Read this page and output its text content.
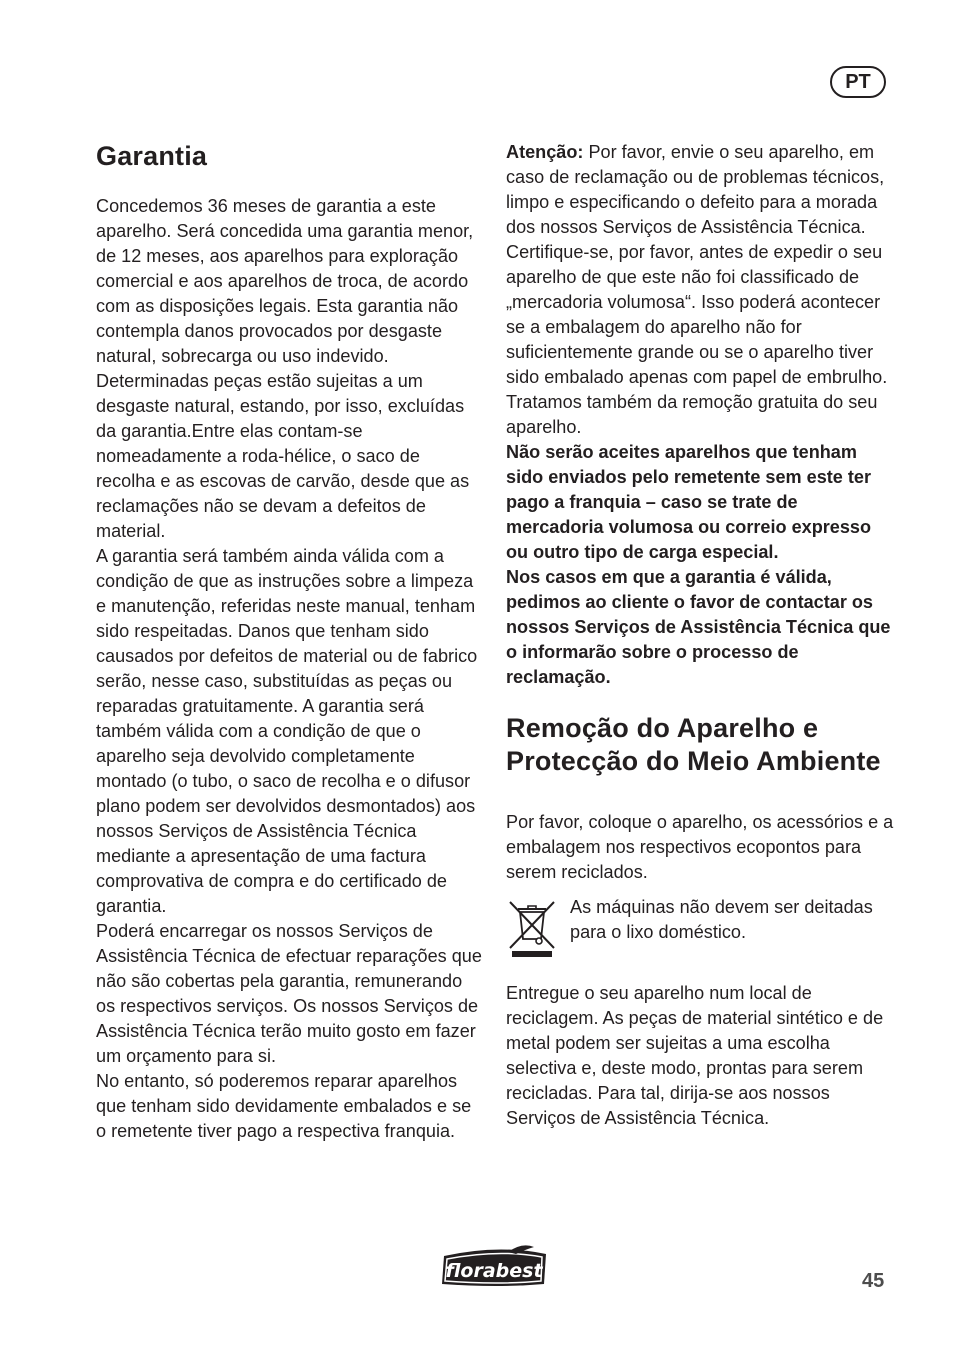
PT
Garantia

Concedemos 36 meses de garantia a este aparelho. Será concedida uma garantia menor, de 12 meses, aos aparelhos para exploração comercial e aos aparelhos de troca, de acordo com as disposições legais. Esta garantia não contempla danos provocados por desgaste natural, sobrecarga ou uso indevido. Determinadas peças estão sujeitas a um desgaste natural, estando, por isso, excluídas da garantia.Entre elas contam-se nomeadamente a roda-hélice, o saco de recolha e as escovas de carvão, desde que as reclamações não se devam a defeitos de material.

A garantia será também ainda válida com a condição de que as instruções sobre a limpeza e manutenção, referidas neste manual, tenham sido respeitadas. Danos que tenham sido causados por defeitos de material ou de fabrico serão, nesse caso, substituídas as peças ou reparadas gratuitamente. A garantia será também válida com a condição de que o aparelho seja devolvido completamente montado (o tubo, o saco de recolha e o difusor plano podem ser devolvidos desmontados) aos nossos Serviços de Assistência Técnica mediante a apresentação de uma factura comprovativa de compra e do certificado de garantia.

Poderá encarregar os nossos Serviços de Assistência Técnica de efectuar reparações que não são cobertas pela garantia, remunerando os respectivos serviços. Os nossos Serviços de Assistência Técnica terão muito gosto em fazer um orçamento para si.

No entanto, só poderemos reparar aparelhos que tenham sido devidamente embalados e se o remetente tiver pago a respectiva franquia.

Atenção: Por favor, envie o seu aparelho, em caso de reclamação ou de problemas técnicos, limpo e especificando o defeito para a morada dos nossos Serviços de Assistência Técnica.

Certifique-se, por favor, antes de expedir o seu aparelho de que este não foi classificado de „mercadoria volumosa“. Isso poderá acontecer se a embalagem do aparelho não for suficientemente grande ou se o aparelho tiver sido embalado apenas com papel de embrulho. Tratamos também da remoção gratuita do seu aparelho.

Não serão aceites aparelhos que tenham sido enviados pelo remetente sem este ter pago a franquia – caso se trate de mercadoria volumosa ou correio expresso ou outro tipo de carga especial.

Nos casos em que a garantia é válida, pedimos ao cliente o favor de contactar os nossos Serviços de Assistência Técnica que o informarão sobre o processo de reclamação.

Remoção do Aparelho e Protecção do Meio Ambiente

Por favor, coloque o aparelho, os acessórios e a embalagem nos respectivos ecopontos para serem reciclados.

As máquinas não devem ser deitadas para o lixo doméstico.

Entregue o seu aparelho num local de reciclagem. As peças de material sintético e de metal podem ser sujeitas a uma escolha selectiva e, deste modo, prontas para serem recicladas. Para tal, dirija-se aos nossos Serviços de Assistência Técnica.

florabest	45
